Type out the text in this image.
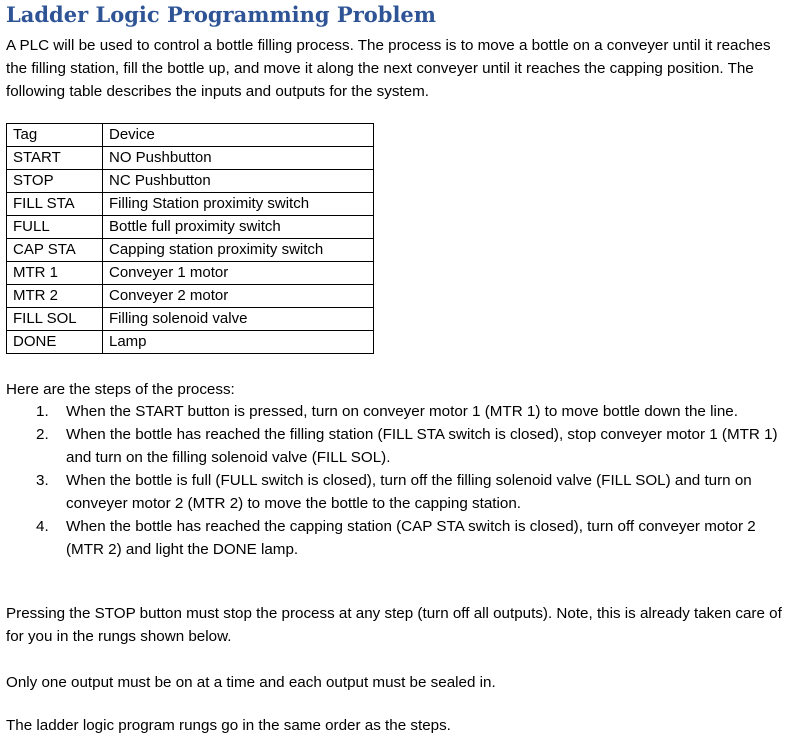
Ladder Logic Programming Problem

A PLC will be used to control a bottle filling process. The process is to move a bottle on a conveyer until it reaches the filling station, fill the bottle up, and move it along the next conveyer until it reaches the capping position. The following table describes the inputs and outputs for the system.

Tag	Device
START	NO Pushbutton
STOP	NC Pushbutton
FILL STA	Filling Station proximity switch
FULL	Bottle full proximity switch
CAP STA	Capping station proximity switch
MTR 1	Conveyer 1 motor
MTR 2	Conveyer 2 motor
FILL SOL	Filling solenoid valve
DONE	Lamp

Here are the steps of the process:

1. When the START button is pressed, turn on conveyer motor 1 (MTR 1) to move bottle down the line.
2. When the bottle has reached the filling station (FILL STA switch is closed), stop conveyer motor 1 (MTR 1) and turn on the filling solenoid valve (FILL SOL).
3. When the bottle is full (FULL switch is closed), turn off the filling solenoid valve (FILL SOL) and turn on conveyer motor 2 (MTR 2) to move the bottle to the capping station.
4. When the bottle has reached the capping station (CAP STA switch is closed), turn off conveyer motor 2 (MTR 2) and light the DONE lamp.

Pressing the STOP button must stop the process at any step (turn off all outputs). Note, this is already taken care of for you in the rungs shown below.

Only one output must be on at a time and each output must be sealed in.

The ladder logic program rungs go in the same order as the steps.
